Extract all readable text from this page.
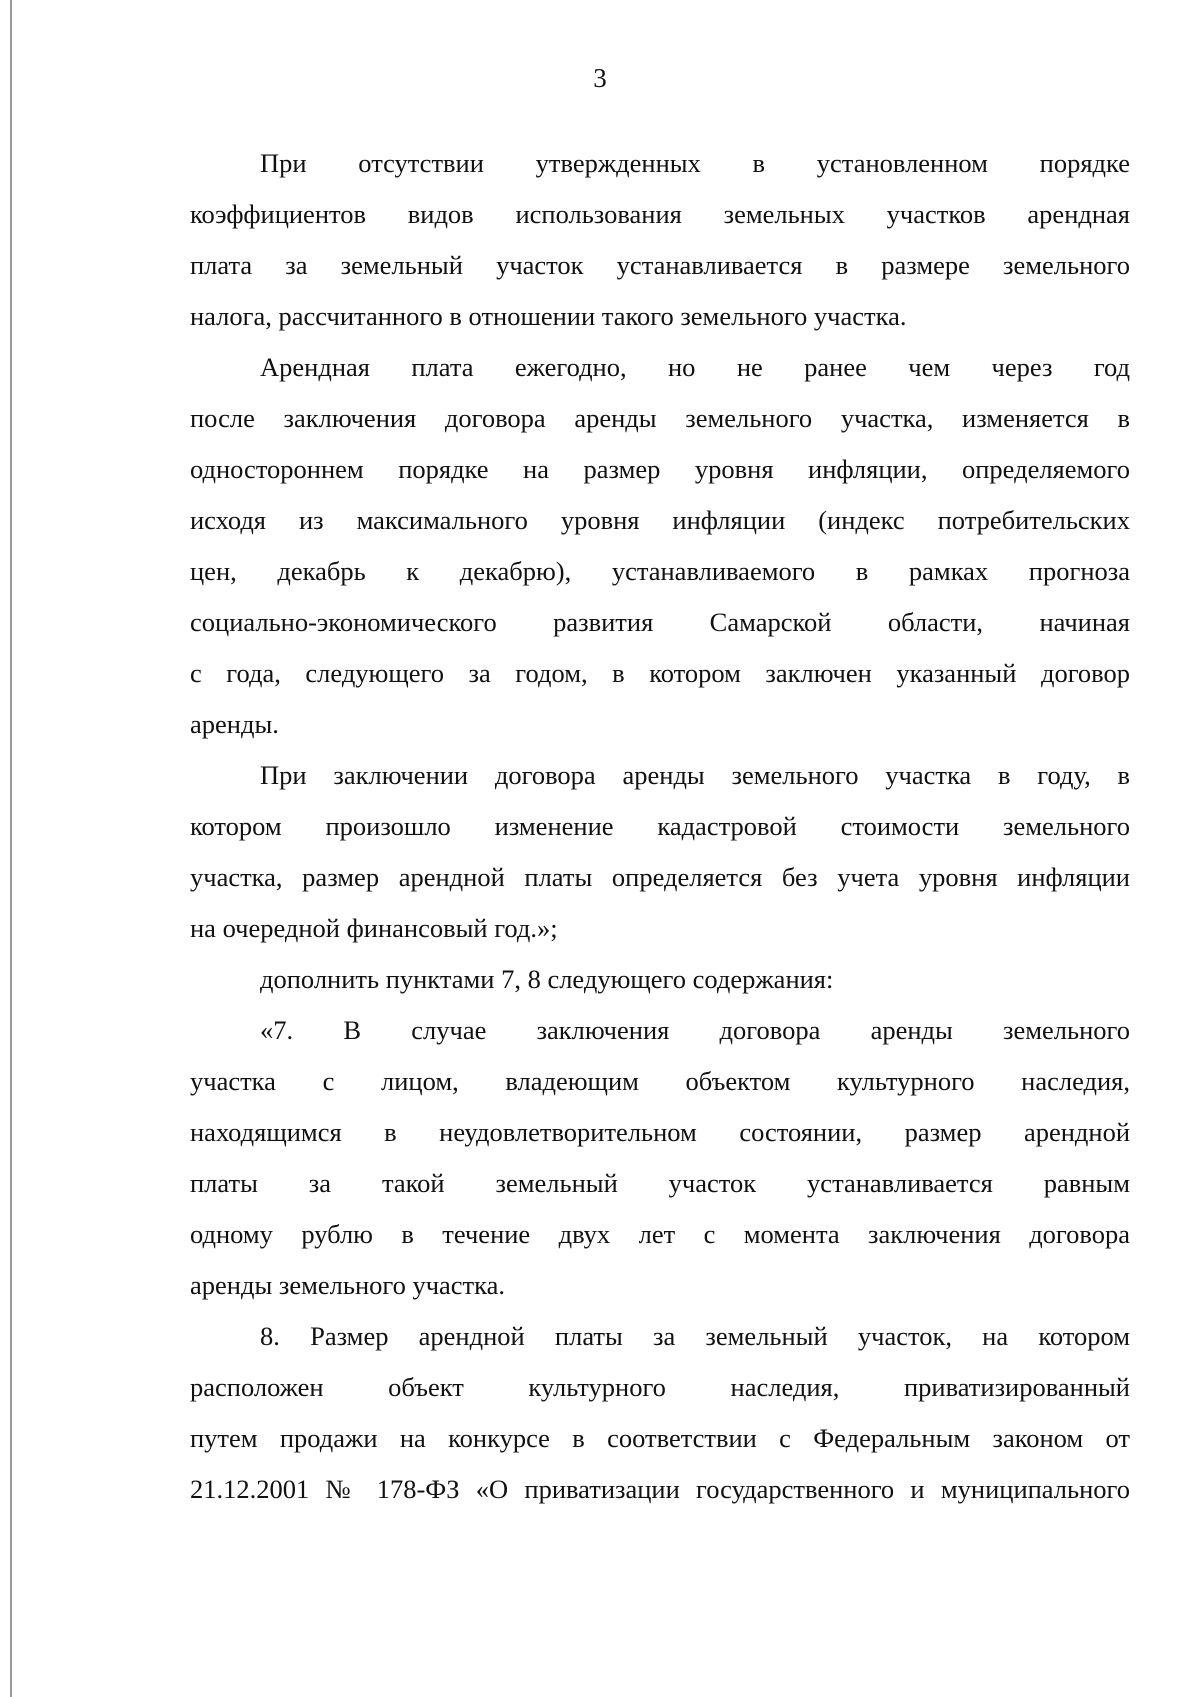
3
При отсутствии утвержденных в установленном порядке
коэффициентов видов использования земельных участков арендная
плата за земельный участок устанавливается в размере земельного
налога, рассчитанного в отношении такого земельного участка.
Арендная плата ежегодно, но не ранее чем через год
после заключения договора аренды земельного участка, изменяется в
одностороннем порядке на размер уровня инфляции, определяемого
исходя из максимального уровня инфляции (индекс потребительских
цен, декабрь к декабрю), устанавливаемого в рамках прогноза
социально-экономического развития Самарской области, начиная
с года, следующего за годом, в котором заключен указанный договор
аренды.
При заключении договора аренды земельного участка в году, в
котором произошло изменение кадастровой стоимости земельного
участка, размер арендной платы определяется без учета уровня инфляции
на очередной финансовый год.»;
дополнить пунктами 7, 8 следующего содержания:
«7. В случае заключения договора аренды земельного
участка с лицом, владеющим объектом культурного наследия,
находящимся в неудовлетворительном состоянии, размер арендной
платы за такой земельный участок устанавливается равным
одному рублю в течение двух лет с момента заключения договора
аренды земельного участка.
8. Размер арендной платы за земельный участок, на котором
расположен объект культурного наследия, приватизированный
путем продажи на конкурсе в соответствии с Федеральным законом от
21.12.2001 № 178-ФЗ «О приватизации государственного и муниципального
